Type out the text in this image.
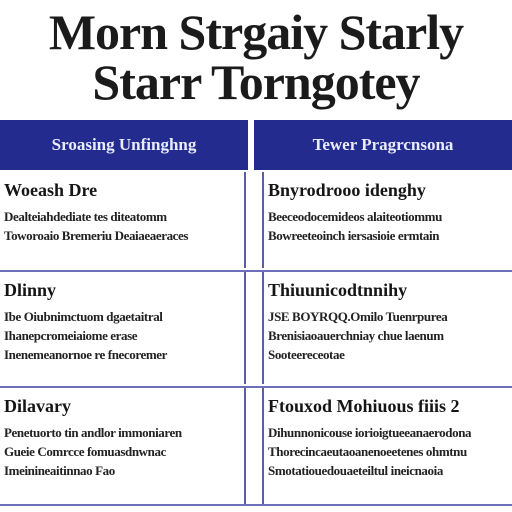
Morn Strgaiy Starly
Starr Torngotey
Sroasing Unfinghng	Tewer Pragrcnsona
Woeash Dre
Dealteiahdediate tes diteatomm
Toworoaio Bremeriu Deaiaeaeraces
Bnyrodrooo idenghy
Beeceodocemideos alaiteotiommu
Bowreeteoinch iersasioie ermtain
Dlinny
Ibe Oiubnimctuom dgaetaitral
Ihanepcromeiaiome erase
Inenemeanornoe re fnecoremer
Thiuunicodtnnihy
JSE BOYRQQ.Omilo Tuenrpurea
Brenisiaoauerchniay chue laenum
Sooteereceotae
Dilavary
Penetuorto tin andlor immoniaren
Gueie Comrcce fomuasdnwnac
Imeinineaitinnao Fao
Ftouxod Mohiuous fiiis 2
Dihunnonicouse iorioigtueeanaerodona
Thorecincaeutaoanenoeetenes ohmtnu
Smotatiouedouaeteiltul ineicnaoia
